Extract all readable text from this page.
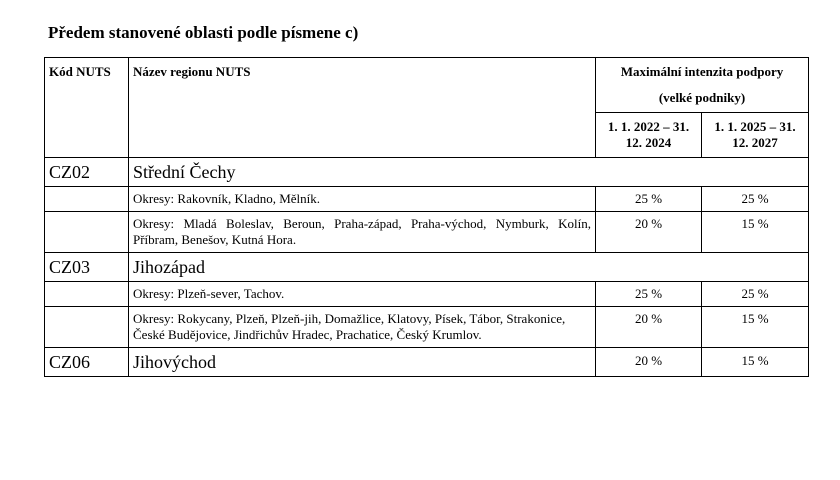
Předem stanovené oblasti podle písmene c)
Kód NUTS	Název regionu NUTS	Maximální intenzita podpory
(velké podniky)	

		1. 1. 2022 – 31. 12. 2024	1. 1. 2025 – 31. 12. 2027
CZ02	Střední Čechy		
	Okresy: Rakovník, Kladno, Mělník.	25 %	25 %
	Okresy: Mladá Boleslav, Beroun, Praha-západ, Praha-východ, Nymburk, Kolín, Příbram, Benešov, Kutná Hora.	20 %	15 %
CZ03	Jihozápad		
	Okresy: Plzeň-sever, Tachov.	25 %	25 %
	Okresy: Rokycany, Plzeň, Plzeň-jih, Domažlice, Klatovy, Písek, Tábor, Strakonice, České Budějovice, Jindřichův Hradec, Prachatice, Český Krumlov.	20 %	15 %
CZ06	Jihovýchod	20 %	15 %
